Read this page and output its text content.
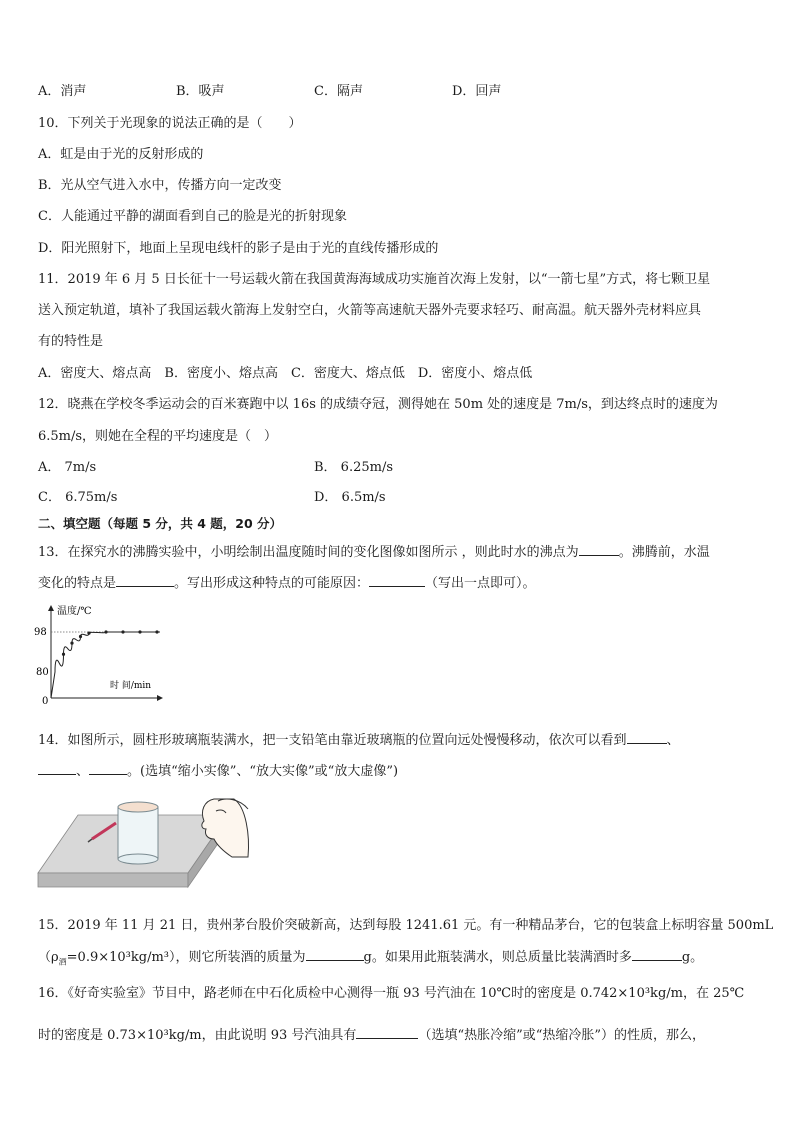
A．消声	B．吸声	C．隔声	D．回声
10．下列关于光现象的说法正确的是（　　）
A．虹是由于光的反射形成的
B．光从空气进入水中，传播方向一定改变
C．人能通过平静的湖面看到自己的脸是光的折射现象
D．阳光照射下，地面上呈现电线杆的影子是由于光的直线传播形成的
11．2019 年 6 月 5 日长征十一号运载火箭在我国黄海海域成功实施首次海上发射，以“一箭七星”方式，将七颗卫星
送入预定轨道，填补了我国运载火箭海上发射空白，火箭等高速航天器外壳要求轻巧、耐高温。航天器外壳材料应具
有的特性是
A．密度大、熔点高　B．密度小、熔点高　C．密度大、熔点低　D．密度小、熔点低
12．晓燕在学校冬季运动会的百米赛跑中以 16s 的成绩夺冠，测得她在 50m 处的速度是 7m/s，到达终点时的速度为
6.5m/s，则她在全程的平均速度是（　）
A． 7m/s	B． 6.25m/s
C． 6.75m/s	D． 6.5m/s
二、填空题（每题 5 分，共 4 题，20 分）
13．在探究水的沸腾实验中，小明绘制出温度随时间的变化图像如图所示 ，则此时水的沸点为	。沸腾前，水温
变化的特点是	。写出形成这种特点的可能原因：	（写出一点即可）。
温度/℃
时 间/min
98
80
0
14．如图所示，圆柱形玻璃瓶装满水，把一支铅笔由靠近玻璃瓶的位置向远处慢慢移动，依次可以看到	、
、	。(选填“缩小实像”、“放大实像”或“放大虚像”)
15．2019 年 11 月 21 日，贵州茅台股价突破新高，达到每股 1241.61 元。有一种精品茅台，它的包装盒上标明容量 500mL
$(\rho_酒=0.9\times 10^3kg/m^3)$，则它所装酒的质量为	g。如果用此瓶装满水，则总质量比装满酒时多	g。
16．《好奇实验室》节目中，路老师在中石化质检中心测得一瓶 93 号汽油在 10℃时的密度是 0.742×10³kg/m，在 25℃
时的密度是 0.73×10³kg/m，由此说明 93 号汽油具有	（选填“热胀冷缩”或“热缩冷胀”）的性质，那么，
